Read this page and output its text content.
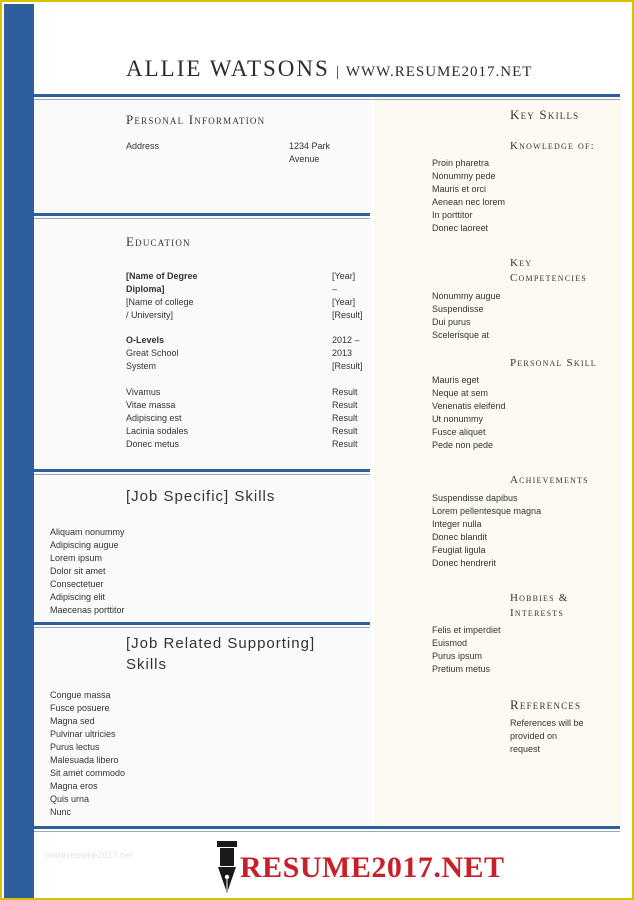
ALLIE WATSONS | WWW.RESUME2017.NET
Personal Information
Address	1234 Park
Avenue
Education
[Name of Degree	[Year]
Diploma]	–
[Name of college	[Year]
/ University]	[Result]
O-Levels	2012 –
Great School	2013
System	[Result]
Vivamus	Result
Vitae massa	Result
Adipiscing est	Result
Lacinia sodales	Result
Donec metus	Result
[Job Specific] Skills
Aliquam nonummy
Adipiscing augue
Lorem ipsum
Dolor sit amet
Consectetuer
Adipiscing elit
Maecenas porttitor
[Job Related Supporting]
Skills
Congue massa
Fusce posuere
Magna sed
Pulvinar ultricies
Purus lectus
Malesuada libero
Sit amet commodo
Magna eros
Quis urna
Nunc
Key Skills
Knowledge of:
Proin pharetra
Nonummy pede
Mauris et orci
Aenean nec lorem
In porttitor
Donec laoreet
Key
Competencies
Nonummy augue
Suspendisse
Dui purus
Scelerisque at
Personal Skill
Mauris eget
Neque at sem
Venenatis eleifend
Ut nonummy
Fusce aliquet
Pede non pede
Achievements
Suspendisse dapibus
Lorem pellentesque magna
Integer nulla
Donec blandit
Feugiat ligula
Donec hendrerit
Hobbies &
Interests
Felis et imperdiet
Euismod
Purus ipsum
Pretium metus
References
References will be
provided on
request
www.resume2017.net	RESUME2017.NET
